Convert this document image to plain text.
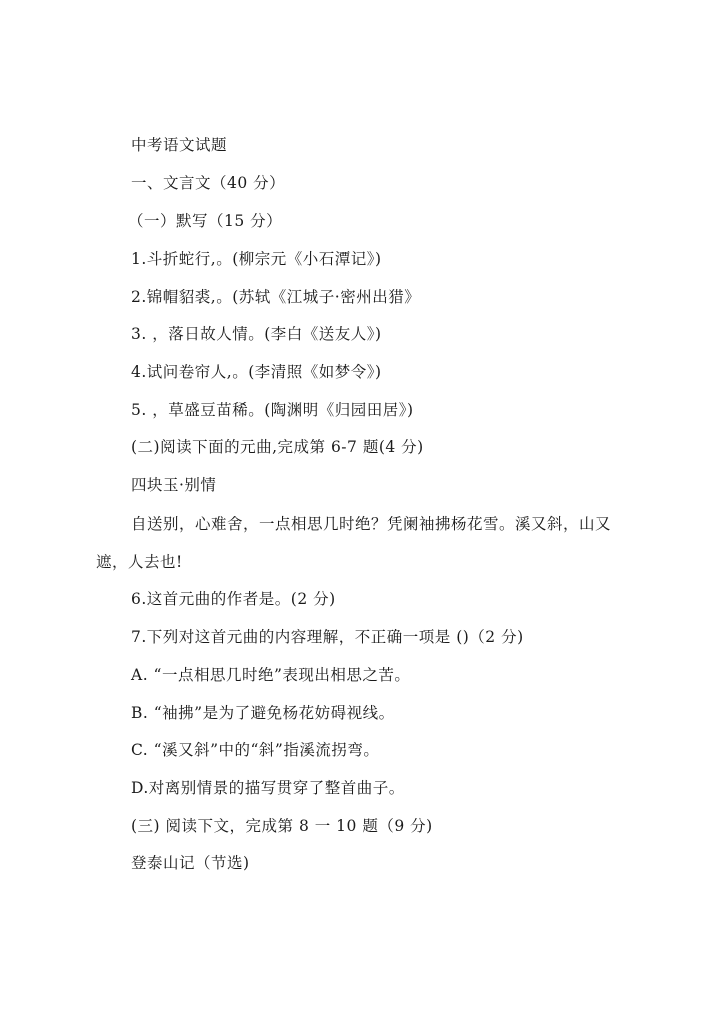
中考语文试题
一、文言文（40 分）
（一）默写（15 分）
1.斗折蛇行,。(柳宗元《小石潭记》)
2.锦帽貂裘,。(苏轼《江城子·密州出猎》
3. ，落日故人情。(李白《送友人》)
4.试问卷帘人,。(李清照《如梦令》)
5. ，草盛豆苗稀。(陶渊明《归园田居》)
(二)阅读下面的元曲,完成第 6-7 题(4 分)
四块玉·别情
自送别，心难舍，一点相思几时绝？凭阑袖拂杨花雪。溪又斜，山又遮，人去也!
6.这首元曲的作者是。(2 分)
7.下列对这首元曲的内容理解，不正确一项是 ()（2 分)
A. “一点相思几时绝”表现出相思之苦。
B. “袖拂”是为了避免杨花妨碍视线。
C. “溪又斜”中的“斜”指溪流拐弯。
D.对离别情景的描写贯穿了整首曲子。
(三) 阅读下文，完成第 8 一 10 题（9 分)
登泰山记（节选)
